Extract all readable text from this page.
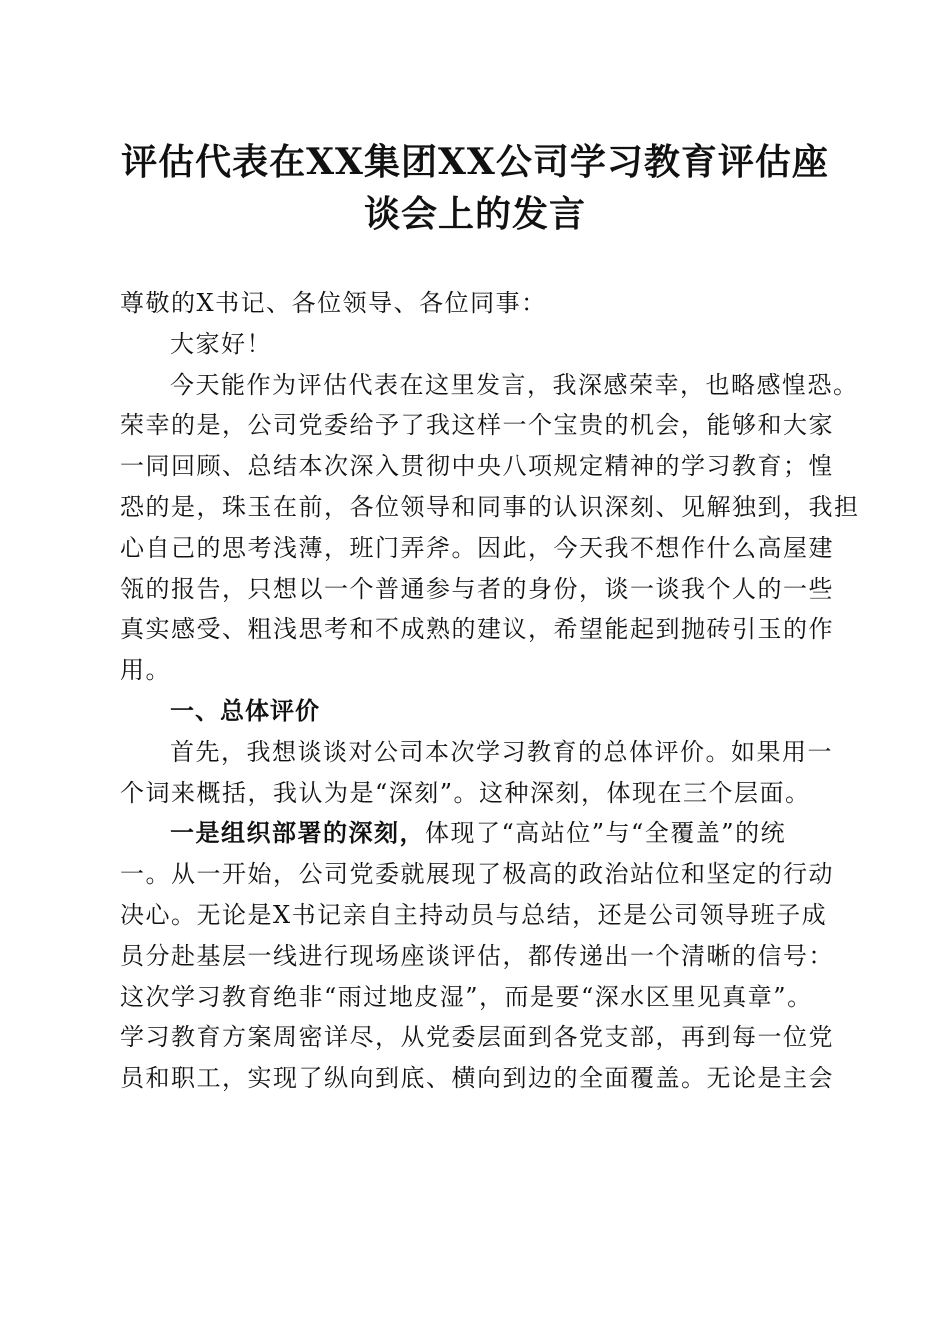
评估代表在XX集团XX公司学习教育评估座
谈会上的发言
尊敬的X书记、各位领导、各位同事：
大家好！
今天能作为评估代表在这里发言，我深感荣幸，也略感惶恐。
荣幸的是，公司党委给予了我这样一个宝贵的机会，能够和大家
一同回顾、总结本次深入贯彻中央八项规定精神的学习教育；惶
恐的是，珠玉在前，各位领导和同事的认识深刻、见解独到，我担
心自己的思考浅薄，班门弄斧。因此，今天我不想作什么高屋建
瓴的报告，只想以一个普通参与者的身份，谈一谈我个人的一些
真实感受、粗浅思考和不成熟的建议，希望能起到抛砖引玉的作
用。
一、总体评价
首先，我想谈谈对公司本次学习教育的总体评价。如果用一
个词来概括，我认为是“深刻”。这种深刻，体现在三个层面。
一是组织部署的深刻，体现了“高站位”与“全覆盖”的统
一。从一开始，公司党委就展现了极高的政治站位和坚定的行动
决心。无论是X书记亲自主持动员与总结，还是公司领导班子成
员分赴基层一线进行现场座谈评估，都传递出一个清晰的信号：
这次学习教育绝非“雨过地皮湿”，而是要“深水区里见真章”。
学习教育方案周密详尽，从党委层面到各党支部，再到每一位党
员和职工，实现了纵向到底、横向到边的全面覆盖。无论是主会
